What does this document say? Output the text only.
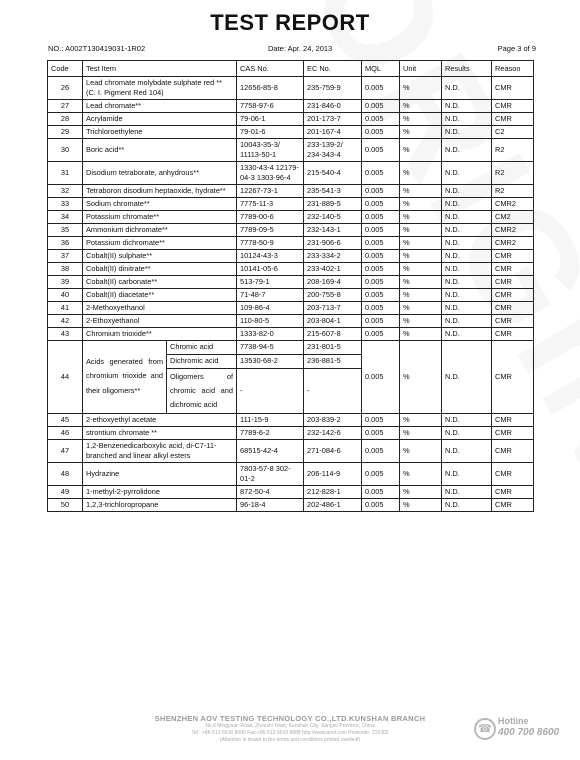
TEST REPORT
NO.: A002T130419031-1R02	Date: Apr. 24, 2013	Page 3 of 9
Code	Test Item		CAS No.	EC No.	MQL	Unit	Results	Reason
26	Lead chromate molybdate sulphate red ** (C. I. Pigment Red 104)		12656-85-8	235-759-9	0.005	%	N.D.	CMR
27	Lead chromate**		7758-97-6	231-846-0	0.005	%	N.D.	CMR
28	Acrylamide		79-06-1	201-173-7	0.005	%	N.D.	CMR
29	Trichloroethylene		79-01-6	201-167-4	0.005	%	N.D.	C2
30	Boric acid**		10043-35-3/ 11113-50-1	233-139-2/ 234-343-4	0.005	%	N.D.	R2
31	Disodium tetraborate, anhydrous**		1330-43-4 12179-04-3 1303-96-4	215-540-4	0.005	%	N.D.	R2
32	Tetraboron disodium heptaoxide, hydrate**		12267-73-1	235-541-3	0.005	%	N.D.	R2
33	Sodium chromate**		7775-11-3	231-889-5	0.005	%	N.D.	CMR2
34	Potassium chromate**		7789-00-6	232-140-5	0.005	%	N.D.	CM2
35	Ammonium dichromate**		7789-09-5	232-143-1	0.005	%	N.D.	CMR2
36	Potassium dichromate**		7778-50-9	231-906-6	0.005	%	N.D.	CMR2
37	Cobalt(II) sulphate**		10124-43-3	233-334-2	0.005	%	N.D.	CMR
38	Cobalt(II) dinitrate**		10141-05-6	233-402-1	0.005	%	N.D.	CMR
39	Cobalt(II) carbonate**		513-79-1	208-169-4	0.005	%	N.D.	CMR
40	Cobalt(II) diacetate**		71-48-7	200-755-8	0.005	%	N.D.	CMR
41	2-Methoxyethanol		109-86-4	203-713-7	0.005	%	N.D.	CMR
42	2-Ethoxyethanol		110-80-5	203-804-1	0.005	%	N.D.	CMR
43	Chromium trioxide**		1333-82-0	215-607-8	0.005	%	N.D.	CMR
44	Acids generated from chromium trioxide and their oligomers**	Chromic acid	7738-94-5	231-801-5	0.005	%	N.D.	CMR
		Dichromic acid	13530-68-2	236-881-5				
		Oligomers of chromic acid and dichromic acid	-	-				
45	2-ethoxyethyl acetate		111-15-9	203-839-2	0.005	%	N.D.	CMR
46	strontium chromate **		7789-6-2	232-142-6	0.005	%	N.D.	CMR
47	1,2-Benzenedicarboxylic acid, di-C7-11-branched and linear alkyl esters		68515-42-4	271-084-6	0.005	%	N.D.	CMR
48	Hydrazine		7803-57-8 302-01-2	206-114-9	0.005	%	N.D.	CMR
49	1-methyl-2-pyrrolidone		872-50-4	212-828-1	0.005	%	N.D.	CMR
50	1,2,3-trichloropropane		96-18-4	202-486-1	0.005	%	N.D.	CMR
SHENZHEN AOV TESTING TECHNOLOGY CO.,LTD.KUNSHAN BRANCH
No.6 Mingyuan Road, Zhoushi Town, Kunshan City, Jiangsu Province, China
Tel : +86-512-5510 8000 Fax:+86-512-5510 8888 http://www.aovt.com Postcode: 215300
(Attention is drawn to the terms and conditions printed overleaf)
☎
Hotline
400 700 8600
